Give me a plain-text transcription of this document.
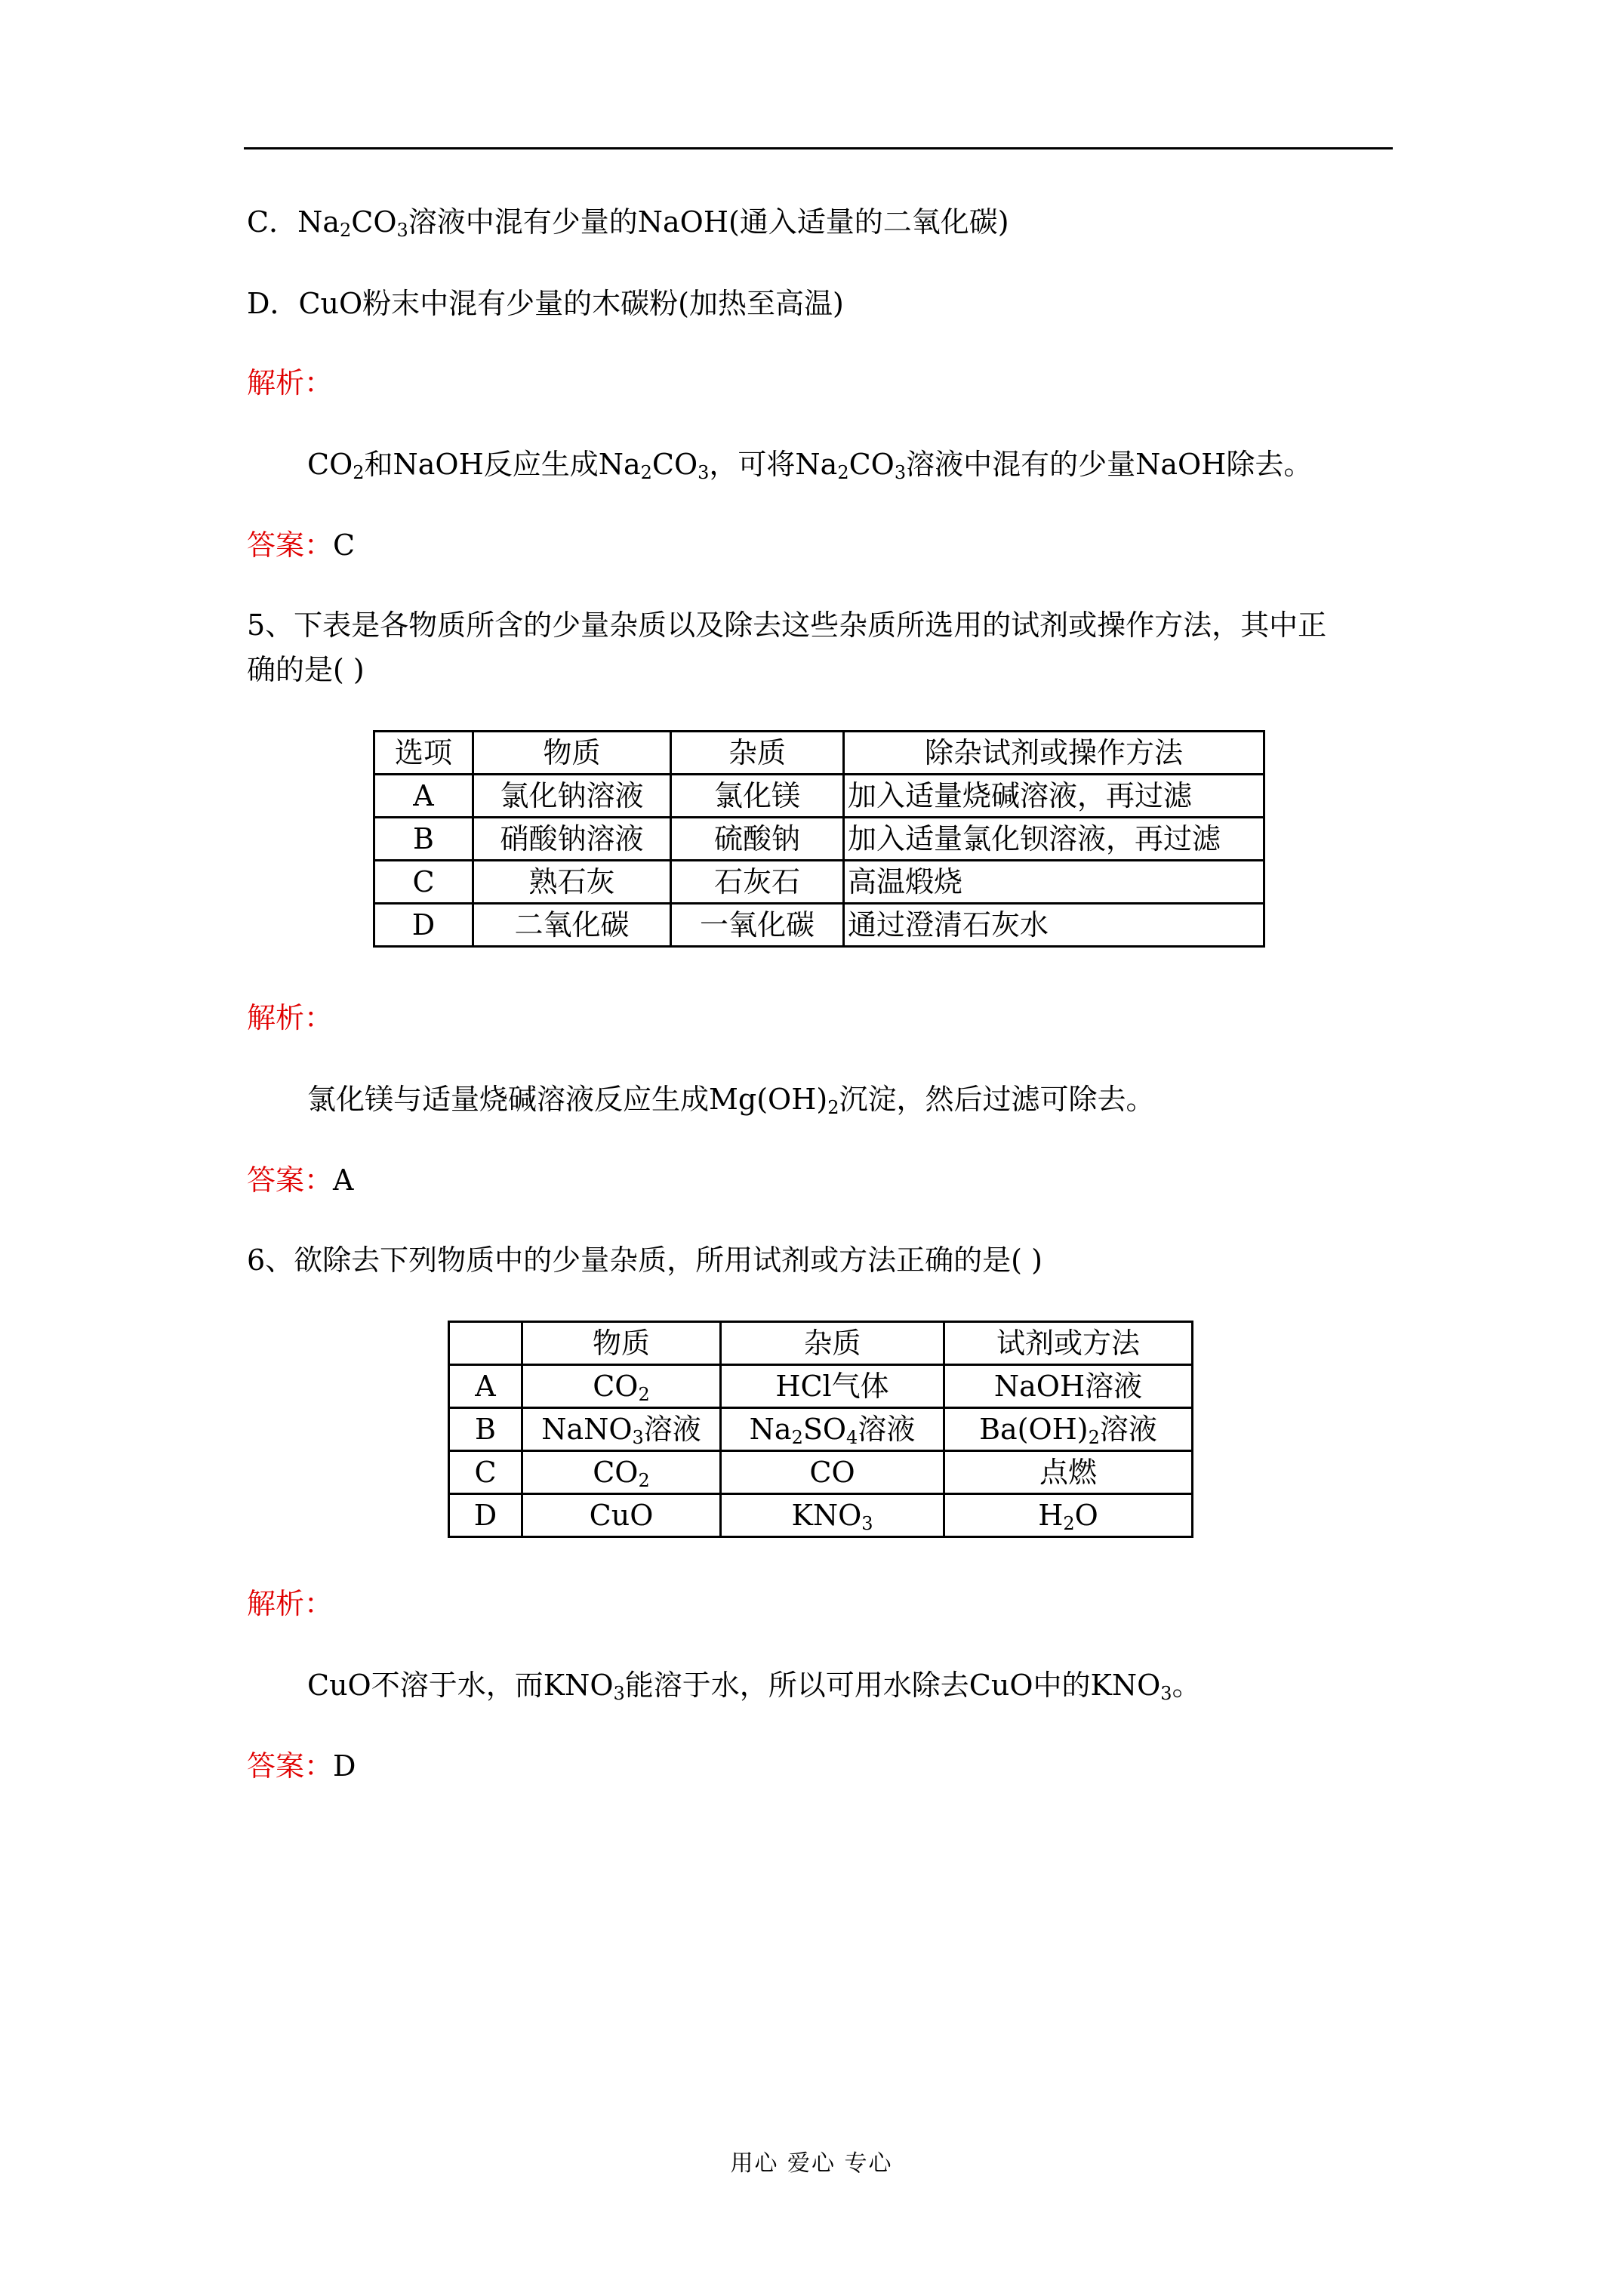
C．$Na_2CO_3$溶液中混有少量的NaOH(通入适量的二氧化碳)
D．CuO粉末中混有少量的木碳粉(加热至高温)
解析：
$CO_2$和NaOH反应生成$Na_2CO_3$，可将$Na_2CO_3$溶液中混有的少量NaOH除去。
答案：C
5、下表是各物质所含的少量杂质以及除去这些杂质所选用的试剂或操作方法，其中正
确的是( )
选项	物质	杂质	除杂试剂或操作方法
A	氯化钠溶液	氯化镁	加入适量烧碱溶液，再过滤
B	硝酸钠溶液	硫酸钠	加入适量氯化钡溶液，再过滤
C	熟石灰	石灰石	高温煅烧
D	二氧化碳	一氧化碳	通过澄清石灰水
解析：
氯化镁与适量烧碱溶液反应生成$Mg(OH)_2$沉淀，然后过滤可除去。
答案：A
6、欲除去下列物质中的少量杂质，所用试剂或方法正确的是( )
	物质	杂质	试剂或方法
A	$CO_2$	HCl气体	NaOH溶液
B	NaNO$_3$溶液	$Na_2SO_4$溶液	$Ba(OH)_2$溶液
C	$CO_2$	CO	点燃
D	CuO	$KNO_3$	$H_2O$
解析：
CuO不溶于水，而$KNO_3$能溶于水，所以可用水除去CuO中的$KNO_3$。
答案：D
用心 爱心 专心
